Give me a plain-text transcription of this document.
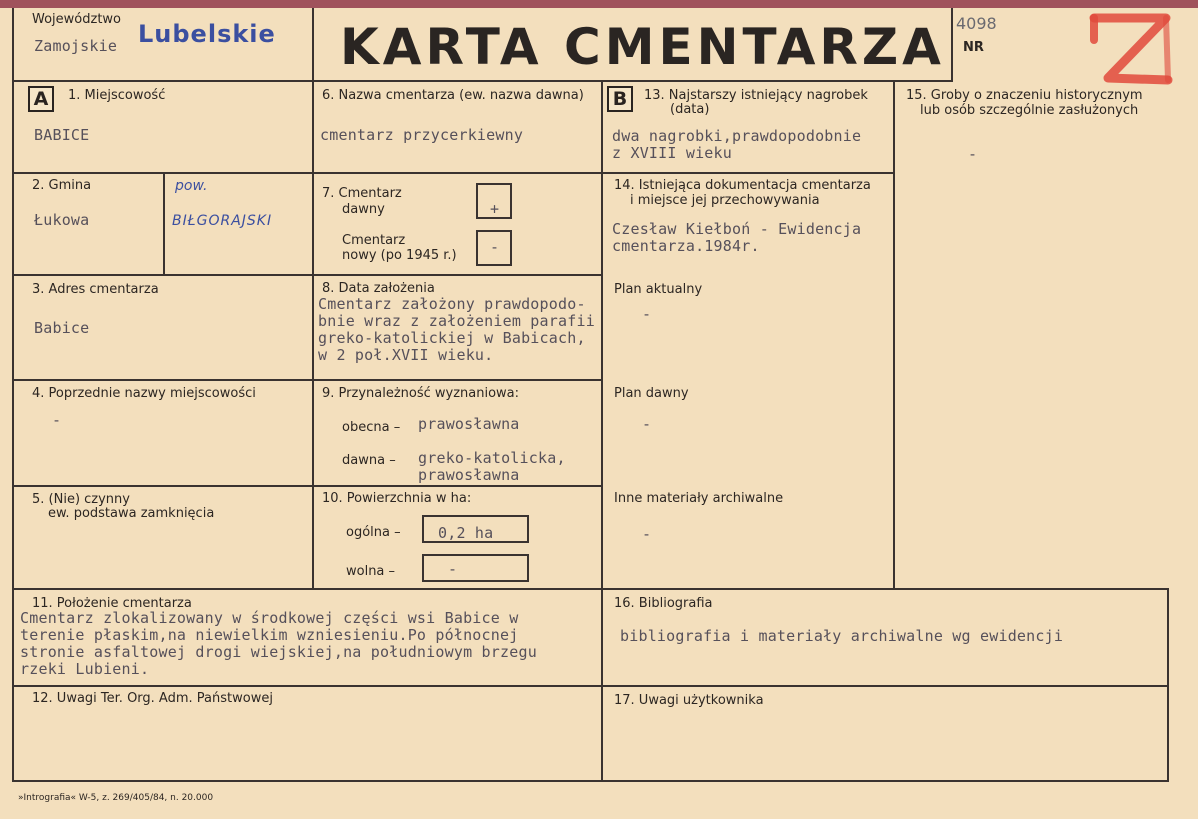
Województwo
Zamojskie Lubelskie KARTA CMENTARZA NR
4098
A	1. Miejscowość
BABICE
2. Gmina
Łukowa
pow.
BIŁGORAJSKI
3. Adres cmentarza
Babice
4. Poprzednie nazwy miejscowości
-
5. (Nie) czynny
ew. podstawa zamknięcia
6. Nazwa cmentarza (ew. nazwa dawna)
cmentarz przycerkiewny
7. Cmentarz
dawny	+
Cmentarz
nowy (po 1945 r.) -
8. Data założenia
Cmentarz założony prawdopodo-
bnie wraz z założeniem parafii
greko-katolickiej w Babicach,
w 2 poł.XVII wieku.
9. Przynależność wyznaniowa:
obecna – prawosławna
dawna – greko-katolicka,
prawosławna
10. Powierzchnia w ha:
ogólna – 0,2 ha
wolna –	-
B	13. Najstarszy istniejący nagrobek
(data)
dwa nagrobki,prawdopodobnie
z XVIII wieku
14. Istniejąca dokumentacja cmentarza
i miejsce jej przechowywania
Czesław Kiełboń - Ewidencja
cmentarza.1984r.
Plan aktualny
-
Plan dawny
-
Inne materiały archiwalne
-
15. Groby o znaczeniu historycznym
lub osób szczególnie zasłużonych
-
11. Położenie cmentarza
Cmentarz zlokalizowany w środkowej części wsi Babice w
terenie płaskim,na niewielkim wzniesieniu.Po północnej
stronie asfaltowej drogi wiejskiej,na południowym brzegu
rzeki Lubieni.
16. Bibliografia
bibliografia i materiały archiwalne wg ewidencji
12. Uwagi Ter. Org. Adm. Państwowej	17. Uwagi użytkownika
»Intrografia« W-5, z. 269/405/84, n. 20.000
